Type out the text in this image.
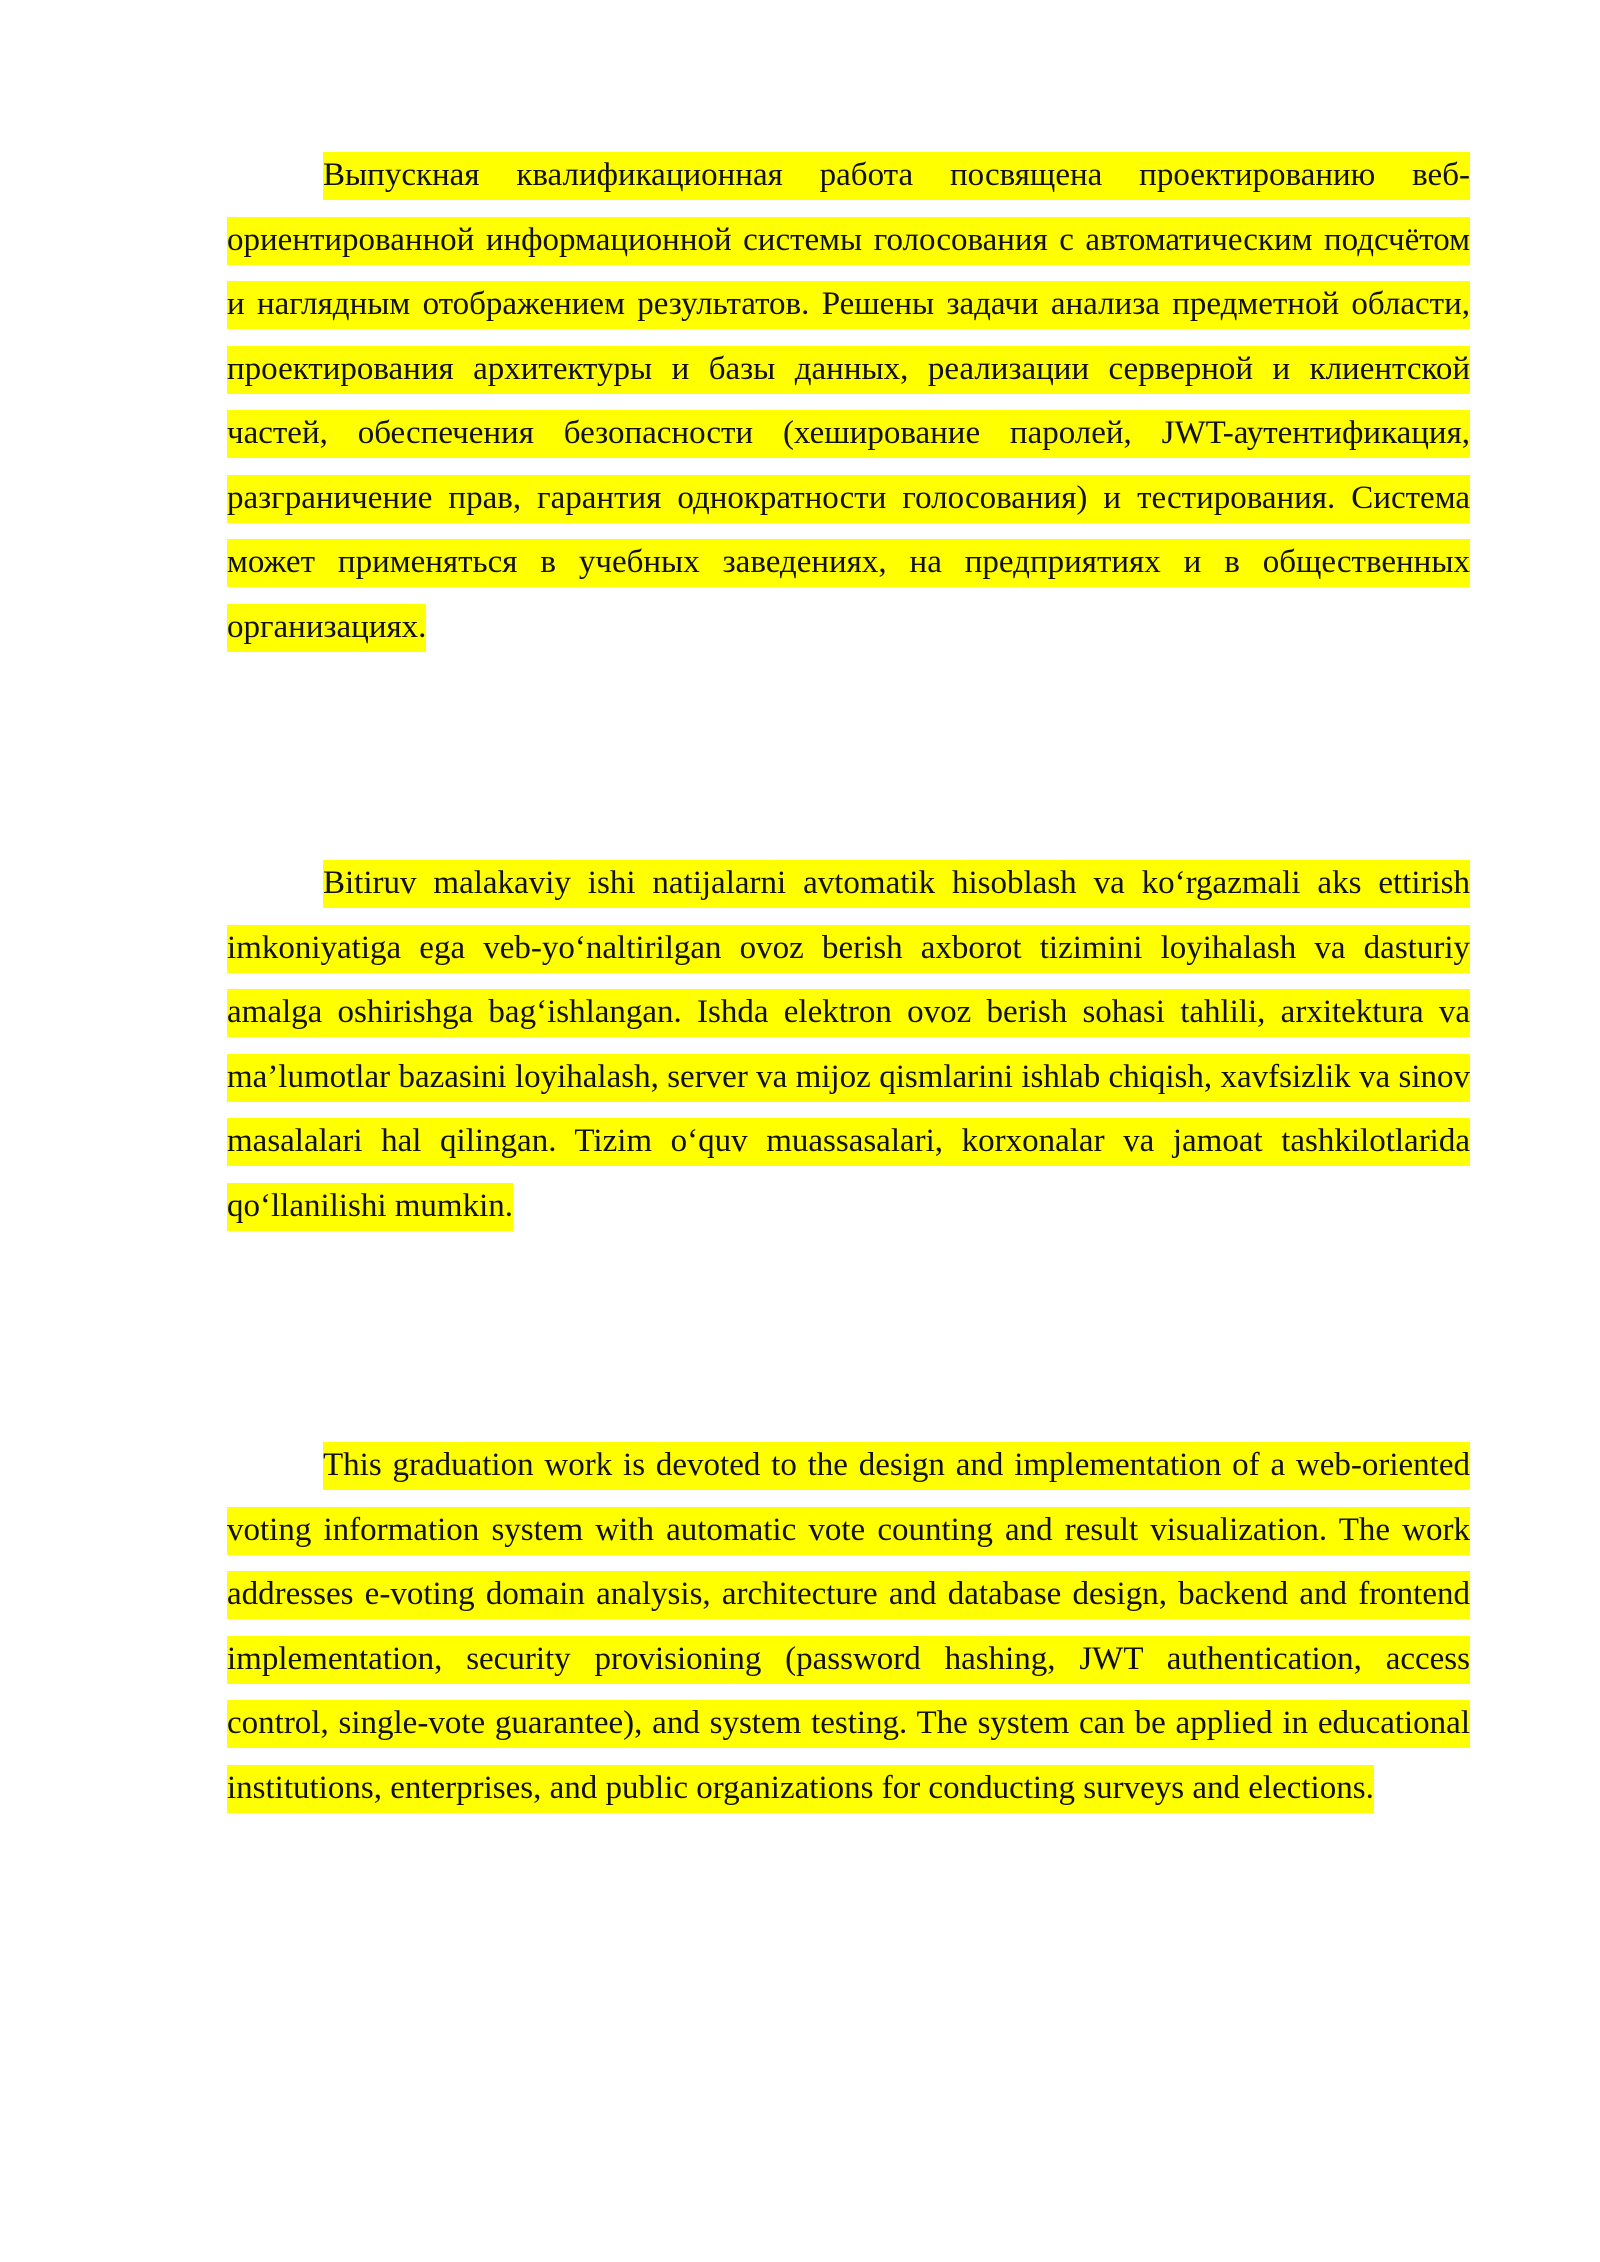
Выпускная квалификационная работа посвящена проектированию веб-ориентированной информационной системы голосования с автоматическим подсчётом и наглядным отображением результатов. Решены задачи анализа предметной области, проектирования архитектуры и базы данных, реализации серверной и клиентской частей, обеспечения безопасности (хеширование паролей, JWT-аутентификация, разграничение прав, гарантия однократности голосования) и тестирования. Система может применяться в учебных заведениях, на предприятиях и в общественных организациях.

Bitiruv malakaviy ishi natijalarni avtomatik hisoblash va ko‘rgazmali aks ettirish imkoniyatiga ega veb-yo‘naltirilgan ovoz berish axborot tizimini loyihalash va dasturiy amalga oshirishga bag‘ishlangan. Ishda elektron ovoz berish sohasi tahlili, arxitektura va ma’lumotlar bazasini loyihalash, server va mijoz qismlarini ishlab chiqish, xavfsizlik va sinov masalalari hal qilingan. Tizim o‘quv muassasalari, korxonalar va jamoat tashkilotlarida qo‘llanilishi mumkin.

This graduation work is devoted to the design and implementation of a web-oriented voting information system with automatic vote counting and result visualization. The work addresses e-voting domain analysis, architecture and database design, backend and frontend implementation, security provisioning (password hashing, JWT authentication, access control, single-vote guarantee), and system testing. The system can be applied in educational institutions, enterprises, and public organizations for conducting surveys and elections.
